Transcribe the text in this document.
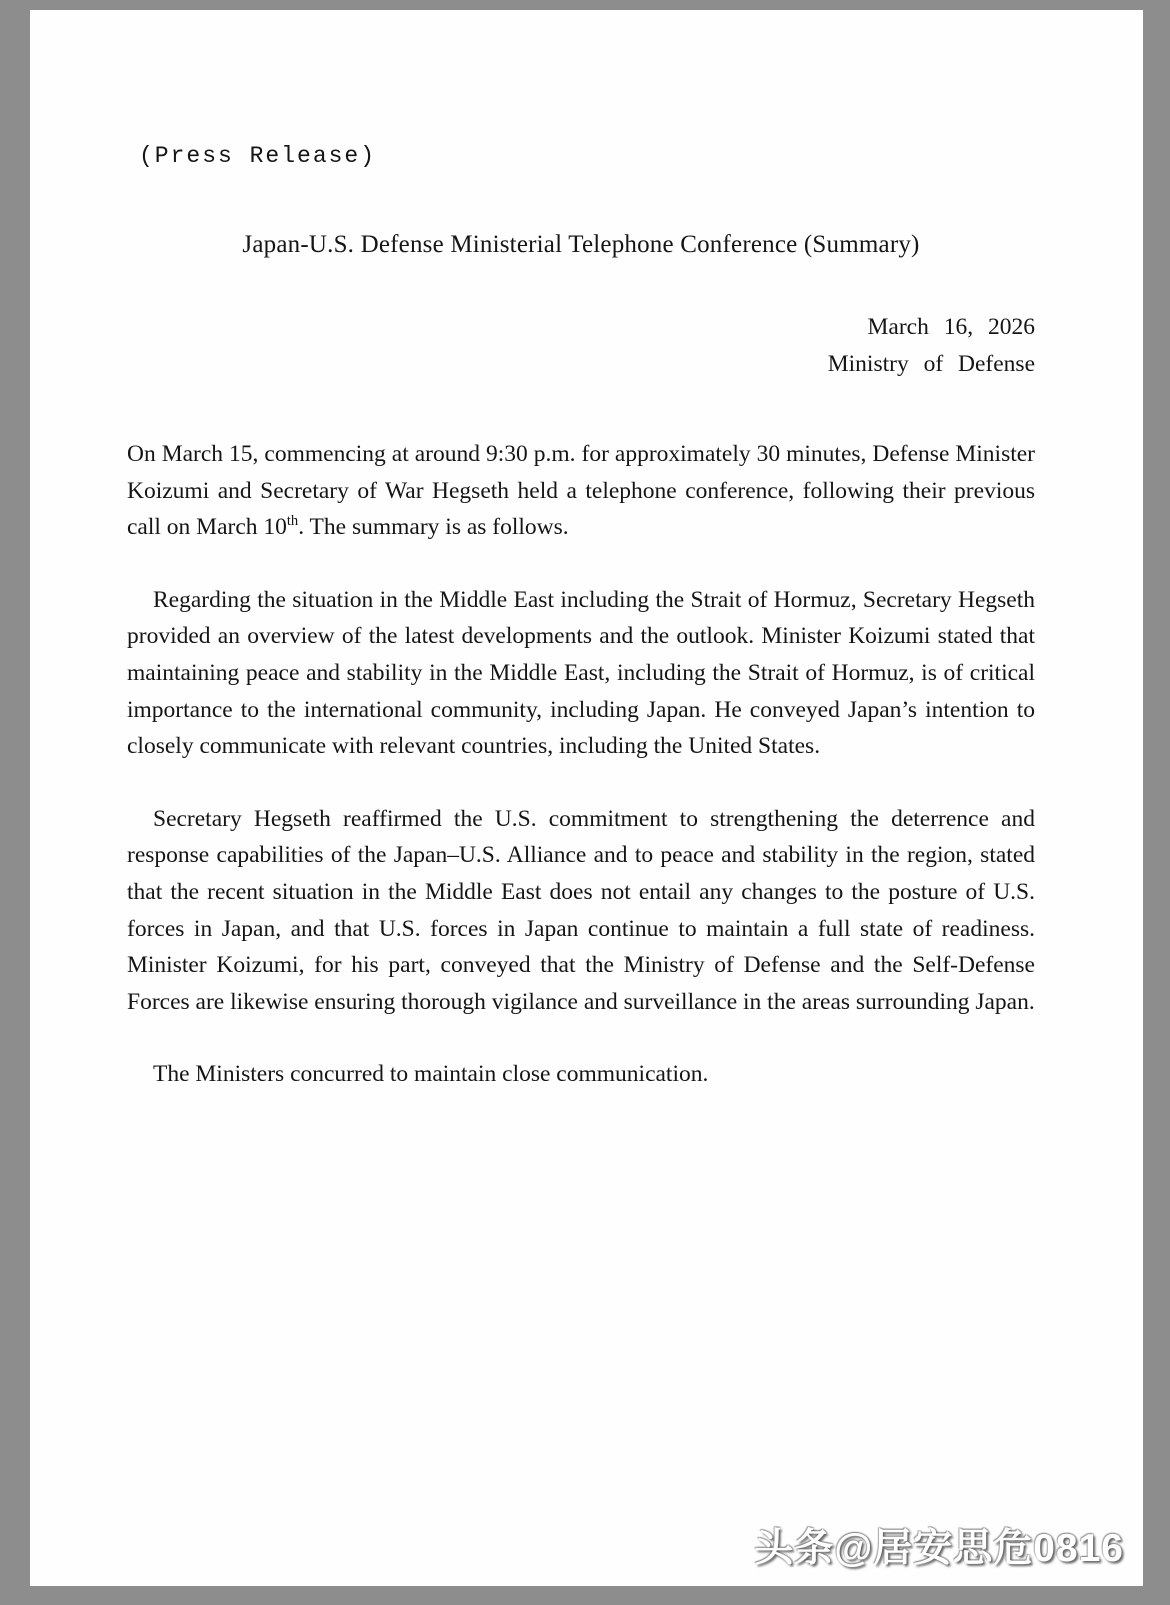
(Press Release)
Japan-U.S. Defense Ministerial Telephone Conference (Summary)
March 16, 2026
Ministry of Defense

On March 15, commencing at around 9:30 p.m. for approximately 30 minutes, Defense Minister Koizumi and Secretary of War Hegseth held a telephone conference, following their previous call on March 10th. The summary is as follows.

Regarding the situation in the Middle East including the Strait of Hormuz, Secretary Hegseth provided an overview of the latest developments and the outlook. Minister Koizumi stated that maintaining peace and stability in the Middle East, including the Strait of Hormuz, is of critical importance to the international community, including Japan. He conveyed Japan’s intention to closely communicate with relevant countries, including the United States.

Secretary Hegseth reaffirmed the U.S. commitment to strengthening the deterrence and response capabilities of the Japan–U.S. Alliance and to peace and stability in the region, stated that the recent situation in the Middle East does not entail any changes to the posture of U.S. forces in Japan, and that U.S. forces in Japan continue to maintain a full state of readiness. Minister Koizumi, for his part, conveyed that the Ministry of Defense and the Self-Defense Forces are likewise ensuring thorough vigilance and surveillance in the areas surrounding Japan.

The Ministers concurred to maintain close communication.

头条@居安思危0816
